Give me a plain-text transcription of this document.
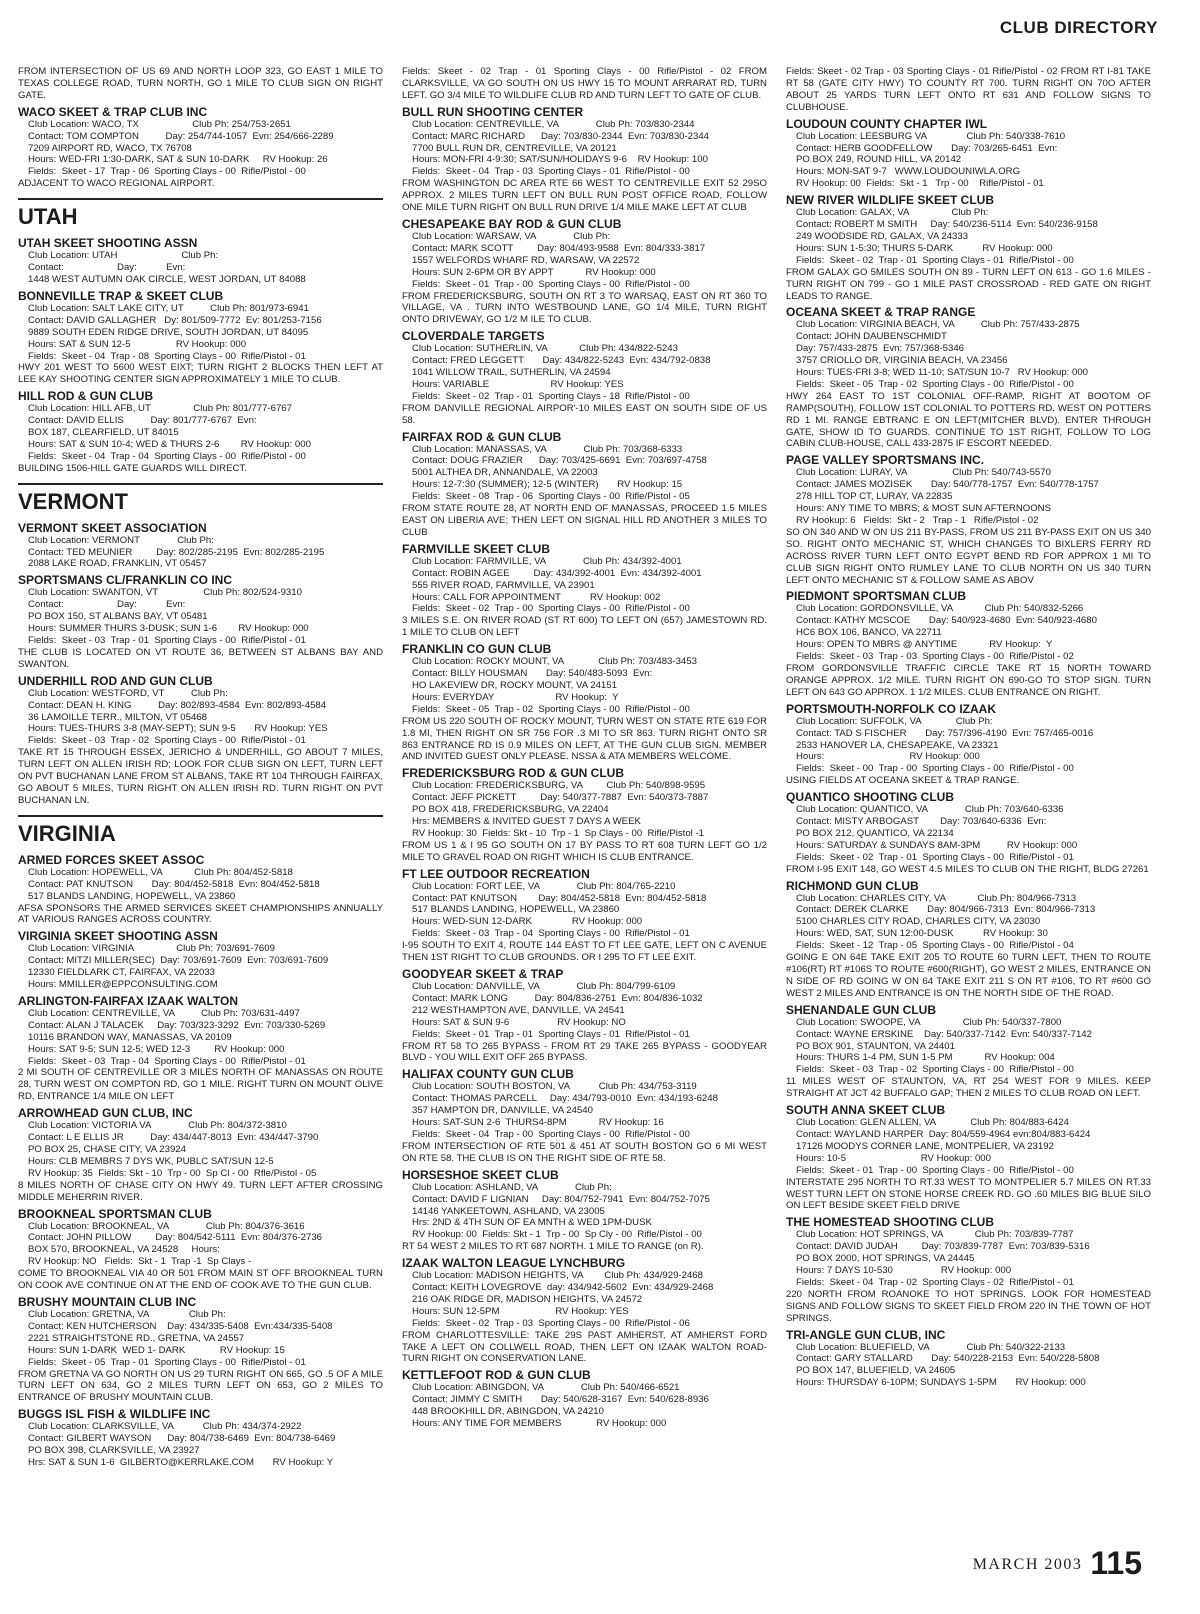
CLUB DIRECTORY
FROM INTERSECTION OF US 69 AND NORTH LOOP 323, GO EAST 1 MILE TO TEXAS COLLEGE ROAD, TURN NORTH, GO 1 MILE TO CLUB SIGN ON RIGHT GATE.
WACO SKEET & TRAP CLUB INC
Club Location: WACO, TX                    Club Ph: 254/753-2651
Contact: TOM COMPTON          Day: 254/744-1057  Evn: 254/666-2289
7209 AIRPORT RD, WACO, TX 76708
Hours: WED-FRI 1:30-DARK, SAT & SUN 10-DARK     RV Hookup: 26
Fields:  Skeet - 17  Trap - 06  Sporting Clays - 00  Rifle/Pistol - 00
ADJACENT TO WACO REGIONAL AIRPORT.
UTAH
UTAH SKEET SHOOTING ASSN
Club Location: UTAH                        Club Ph:
Contact:                    Day:           Evn:
1448 WEST AUTUMN OAK CIRCLE, WEST JORDAN, UT 84088
BONNEVILLE TRAP & SKEET CLUB
Club Location: SALT LAKE CITY, UT          Club Ph: 801/973-6941
Contact: DAVID GALLAGHER   Dy: 801/509-7772  Ev: 801/253-7156
9889 SOUTH EDEN RIDGE DRIVE, SOUTH JORDAN, UT 84095
Hours: SAT & SUN 12-5                 RV Hookup: 000
Fields:  Skeet - 04  Trap - 08  Sporting Clays - 00  Rifle/Pistol - 01
HWY 201 WEST TO 5600 WEST EIXT; TURN RIGHT 2 BLOCKS THEN LEFT AT LEE KAY SHOOTING CENTER SIGN APPROXIMATELY 1 MILE TO CLUB.
HILL ROD & GUN CLUB
Club Location: HILL AFB, UT                Club Ph: 801/777-6767
Contact: DAVID ELLIS          Day: 801/777-6767  Evn:
BOX 187, CLEARFIELD, UT 84015
Hours: SAT & SUN 10-4; WED & THURS 2-6        RV Hookup: 000
Fields:  Skeet - 04  Trap - 04  Sporting Clays - 00  Rifle/Pistol - 00
BUILDING 1506-HILL GATE GUARDS WILL DIRECT.
VERMONT
VERMONT SKEET ASSOCIATION
Club Location: VERMONT              Club Ph:
Contact: TED MEUNIER         Day: 802/285-2195  Evn: 802/285-2195
2088 LAKE ROAD, FRANKLIN, VT 05457
SPORTSMANS CL/FRANKLIN CO INC
Club Location: SWANTON, VT                 Club Ph: 802/524-9310
Contact:                    Day:           Evn:
PO BOX 150, ST ALBANS BAY, VT 05481
Hours: SUMMER THURS 3-DUSK; SUN 1-6        RV Hookup: 000
Fields:  Skeet - 03  Trap - 01  Sporting Clays - 00  Rifle/Pistol - 01
THE CLUB IS LOCATED ON VT ROUTE 36, BETWEEN ST ALBANS BAY AND SWANTON.
UNDERHILL ROD AND GUN CLUB
Club Location: WESTFORD, VT          Club Ph:
Contact: DEAN H. KING          Day: 802/893-4584  Evn: 802/893-4584
36 LAMOILLE TERR., MILTON, VT 05468
Hours: TUES-THURS 3-8 (MAY-SEPT); SUN 9-5       RV Hookup: YES
Fields:  Skeet - 03  Trap - 02  Sporting Clays - 00  Rifle/Pistol - 01
TAKE RT 15 THROUGH ESSEX, JERICHO & UNDERHILL, GO ABOUT 7 MILES, TURN LEFT ON ALLEN IRISH RD; LOOK FOR CLUB SIGN ON LEFT, TURN LEFT ON PVT BUCHANAN LANE FROM ST ALBANS, TAKE RT 104 THROUGH FAIRFAX, GO ABOUT 5 MILES, TURN RIGHT ON ALLEN IRISH RD. TURN RIGHT ON PVT BUCHANAN LN.
VIRGINIA
ARMED FORCES SKEET ASSOC
Club Location: HOPEWELL, VA            Club Ph: 804/452-5818
Contact: PAT KNUTSON       Day: 804/452-5818  Evn: 804/452-5818
517 BLANDS LANDING, HOPEWELL, VA 23860
AFSA SPONSORS THE ARMED SERVICES SKEET CHAMPIONSHIPS ANNUALLY AT VARIOUS RANGES ACROSS COUNTRY.
VIRGINIA SKEET SHOOTING ASSN
Club Location: VIRGINIA                Club Ph: 703/691-7609
Contact: MITZI MILLER(SEC)  Day: 703/691-7609  Evn: 703/691-7609
12330 FIELDLARK CT, FAIRFAX, VA 22033
Hours: MMILLER@EPPCONSULTING.COM
ARLINGTON-FAIRFAX IZAAK WALTON
Club Location: CENTREVILLE, VA          Club Ph: 703/631-4497
Contact: ALAN J TALACEK     Day: 703/323-3292  Evn: 703/330-5269
10116 BRANDON WAY, MANASSAS, VA 20109
Hours: SAT 9-5; SUN 12-5; WED 12-3         RV Hookup: 000
Fields:  Skeet - 03  Trap - 04  Sporting Clays - 00  Rifle/Pistol - 01
2 MI SOUTH OF CENTREVILLE OR 3 MILES NORTH OF MANASSAS ON ROUTE 28, TURN WEST ON COMPTON RD, GO 1 MILE. RIGHT TURN ON MOUNT OLIVE RD, ENTRANCE 1/4 MILE ON LEFT
ARROWHEAD GUN CLUB, INC
Club Location: VICTORIA VA              Club Ph: 804/372-3810
Contact: L E ELLIS JR          Day: 434/447-8013  Evn: 434/447-3790
PO BOX 25, CHASE CITY, VA 23924
Hours: CLB MEMBRS 7 DYS WK, PUBLC SAT/SUN 12-5
RV Hookup: 35  Fields: Skt - 10  Trp - 00  Sp Cl - 00  Rfle/Pistol - 05
8 MILES NORTH OF CHASE CITY ON HWY 49. TURN LEFT AFTER CROSSING MIDDLE MEHERRIN RIVER.
BROOKNEAL SPORTSMAN CLUB
Club Location: BROOKNEAL, VA              Club Ph: 804/376-3616
Contact: JOHN PILLOW         Day: 804/542-5111  Evn: 804/376-2736
BOX 570, BROOKNEAL, VA 24528     Hours:
RV Hookup: NO   Fields:  Skt - 1  Trap -1  Sp Clays -
COME TO BROOKNEAL VIA 40 OR 501 FROM MAIN ST OFF BROOKNEAL TURN ON COOK AVE CONTINUE ON AT THE END OF COOK AVE TO THE GUN CLUB.
BRUSHY MOUNTAIN CLUB INC
Club Location: GRETNA, VA               Club Ph:
Contact: KEN HUTCHERSON    Day: 434/335-5408  Evn:434/335-5408
2221 STRAIGHTSTONE RD., GRETNA, VA 24557
Hours: SUN 1-DARK  WED 1- DARK             RV Hookup: 15
Fields:  Skeet - 05  Trap - 01  Sporting Clays - 00  Rifle/Pistol - 01
FROM GRETNA VA GO NORTH ON US 29 TURN RIGHT ON 665, GO .5 OF A MILE TURN LEFT ON 634, GO 2 MILES TURN LEFT ON 653, GO 2 MILES TO ENTRANCE OF BRUSHY MOUNTAIN CLUB.
BUGGS ISL FISH & WILDLIFE INC
Club Location: CLARKSVILLE, VA           Club Ph: 434/374-2922
Contact: GILBERT WAYSON      Day: 804/738-6469  Evn: 804/738-6469
PO BOX 398, CLARKSVILLE, VA 23927
Hrs: SAT & SUN 1-6  GILBERTO@KERRLAKE.COM       RV Hookup: Y
Fields: Skeet - 02 Trap - 01 Sporting Clays - 00 Rifle/Pistol - 02 FROM CLARKSVILLE, VA GO SOUTH ON US HWY 15 TO MOUNT ARRARAT RD, TURN LEFT. GO 3/4 MILE TO WILDLIFE CLUB RD AND TURN LEFT TO GATE OF CLUB.
BULL RUN SHOOTING CENTER
Club Location: CENTREVILLE, VA              Club Ph: 703/830-2344
Contact: MARC RICHARD      Day: 703/830-2344  Evn: 703/830-2344
7700 BULL RUN DR, CENTREVILLE, VA 20121
Hours: MON-FRI 4-9:30; SAT/SUN/HOLIDAYS 9-6    RV Hookup: 100
Fields:  Skeet - 04  Trap - 03  Sporting Clays - 01  Rifle/Pistol - 00
FROM WASHINGTON DC AREA RTE 66 WEST TO CENTREVILLE EXIT 52 29SO APPROX. 2 MILES TURN LEFT ON BULL RUN POST OFFICE ROAD, FOLLOW ONE MILE TURN RIGHT ON BULL RUN DRIVE 1/4 MILE MAKE LEFT AT CLUB
CHESAPEAKE BAY ROD & GUN CLUB
Club Location: WARSAW, VA              Club Ph:
Contact: MARK SCOTT         Day: 804/493-9588  Evn: 804/333-3817
1557 WELFORDS WHARF RD, WARSAW, VA 22572
Hours: SUN 2-6PM OR BY APPT            RV Hookup: 000
Fields:  Skeet - 01  Trap - 00  Sporting Clays - 00  Rifle/Pistol - 00
FROM FREDERICKSBURG, SOUTH ON RT 3 TO WARSAQ, EAST ON RT 360 TO VILLAGE, VA . TURN INTO WESTBOUND LANE, GO 1/4 MILE, TURN RIGHT ONTO DRIVEWAY, GO 1/2 M ILE TO CLUB.
CLOVERDALE TARGETS
Club Location: SUTHERLIN, VA            Club Ph: 434/822-5243
Contact: FRED LEGGETT       Day: 434/822-5243  Evn: 434/792-0838
1041 WILLOW TRAIL, SUTHERLIN, VA 24594
Hours: VARIABLE                       RV Hookup: YES
Fields:  Skeet - 02  Trap - 01  Sporting Clays - 18  Rifle/Pistol - 00
FROM DANVILLE REGIONAL AIRPOR'-10 MILES EAST ON SOUTH SIDE OF US 58.
FAIRFAX ROD & GUN CLUB
Club Location: MANASSAS, VA              Club Ph: 703/368-6333
Contact: DOUG FRAZIER      Day: 703/425-6691  Evn: 703/697-4758
5001 ALTHEA DR, ANNANDALE, VA 22003
Hours: 12-7:30 (SUMMER); 12-5 (WINTER)       RV Hookup: 15
Fields:  Skeet - 08  Trap - 06  Sporting Clays - 00  Rifle/Pistol - 05
FROM STATE ROUTE 28, AT NORTH END OF MANASSAS, PROCEED 1.5 MILES EAST ON LIBERIA AVE; THEN LEFT ON SIGNAL HILL RD ANOTHER 3 MILES TO CLUB
FARMVILLE SKEET CLUB
Club Location: FARMVILLE, VA              Club Ph: 434/392-4001
Contact: ROBIN AGEE         Day: 434/392-4001  Evn: 434/392-4001
555 RIVER ROAD, FARMVILLE, VA 23901
Hours: CALL FOR APPOINTMENT           RV Hookup: 002
Fields:  Skeet - 02  Trap - 00  Sporting Clays - 00  Rifle/Pistol - 00
3 MILES S.E. ON RIVER ROAD (ST RT 600) TO LEFT ON (657) JAMESTOWN RD. 1 MILE TO CLUB ON LEFT
FRANKLIN CO GUN CLUB
Club Location: ROCKY MOUNT, VA             Club Ph: 703/483-3453
Contact: BILLY HOUSMAN       Day: 540/483-5093  Evn:
HO LAKEVIEW DR, ROCKY MOUNT, VA 24151
Hours: EVERYDAY                       RV Hookup:  Y
Fields:  Skeet - 05  Trap - 02  Sporting Clays - 00  Rifle/Pistol - 00
FROM US 220 SOUTH OF ROCKY MOUNT, TURN WEST ON STATE RTE 619 FOR 1.8 MI, THEN RIGHT ON SR 756 FOR .3 MI TO SR 863. TURN RIGHT ONTO SR 863 ENTRANCE RD IS 0.9 MILES ON LEFT, AT THE GUN CLUB SIGN. MEMBER AND INVITED GUEST ONLY PLEASE. NSSA & ATA MEMBERS WELCOME.
FREDERICKSBURG ROD & GUN CLUB
Club Location: FREDERICKSBURG, VA         Club Ph: 540/898-9595
Contact: JEFF PICKETT         Day: 540/377-7887  Evn: 540/373-7887
PO BOX 418, FREDERICKSBURG, VA 22404
Hrs: MEMBERS & INVITED GUEST 7 DAYS A WEEK
RV Hookup: 30  Fields: Skt - 10  Trp - 1  Sp Clays - 00  Rifle/Pistol -1
FROM US 1 & I 95 GO SOUTH ON 17 BY PASS TO RT 608 TURN LEFT GO 1/2 MILE TO GRAVEL ROAD ON RIGHT WHICH IS CLUB ENTRANCE.
FT LEE OUTDOOR RECREATION
Club Location: FORT LEE, VA              Club Ph: 804/765-2210
Contact: PAT KNUTSON        Day: 804/452-5818  Evn: 804/452-5818
517 BLANDS LANDING, HOPEWELL, VA 23860
Hours: WED-SUN 12-DARK               RV Hookup: 000
Fields:  Skeet - 03  Trap - 04  Sporting Clays - 00  Rifle/Pistol - 01
I-95 SOUTH TO EXIT 4, ROUTE 144 EAST TO FT LEE GATE, LEFT ON C AVENUE THEN 1ST RIGHT TO CLUB GROUNDS. OR I 295 TO FT LEE EXIT.
GOODYEAR SKEET & TRAP
Club Location: DANVILLE, VA              Club Ph: 804/799-6109
Contact: MARK LONG          Day: 804/836-2751  Evn: 804/836-1032
212 WESTHAMPTON AVE, DANVILLE, VA 24541
Hours: SAT & SUN 9-6                  RV Hookup: NO
Fields:  Skeet - 01  Trap - 01  Sporting Clays - 01  Rifle/Pistol - 01
FROM RT 58 TO 265 BYPASS - FROM RT 29 TAKE 265 BYPASS - GOODYEAR BLVD - YOU WILL EXIT OFF 265 BYPASS.
HALIFAX COUNTY GUN CLUB
Club Location: SOUTH BOSTON, VA           Club Ph: 434/753-3119
Contact: THOMAS PARCELL     Day: 434/793-0010  Evn: 434/193-6248
357 HAMPTON DR, DANVILLE, VA 24540
Hours: SAT-SUN 2-6  THURS4-8PM            RV Hookup: 16
Fields:  Skeet - 04  Trap - 00  Sporting Clays - 00  Rifle/Pistol - 00
FROM INTERSECTION OF RTE 501 & 451 AT SOUTH BOSTON GO 6 MI WEST ON RTE 58. THE CLUB IS ON THE RIGHT SIDE OF RTE 58.
HORSESHOE SKEET CLUB
Club Location: ASHLAND, VA              Club Ph:
Contact: DAVID F LIGNIAN     Day: 804/752-7941  Evn: 804/752-7075
14146 YANKEETOWN, ASHLAND, VA 23005
Hrs: 2ND & 4TH SUN OF EA MNTH & WED 1PM-DUSK
RV Hookup: 00  Fields: Skt - 1  Trp - 00  Sp Cly - 00  Rifle/Pistol - 00
RT 54 WEST 2 MILES TO RT 687 NORTH. 1 MILE TO RANGE (on R).
IZAAK WALTON LEAGUE LYNCHBURG
Club Location: MADISON HEIGHTS, VA        Club Ph: 434/929-2468
Contact: KEITH LOVEGROVE  day: 434/942-5602  Evn: 434/929-2468
216 OAK RIDGE DR, MADISON HEIGHTS, VA 24572
Hours: SUN 12-5PM                     RV Hookup: YES
Fields:  Skeet - 02  Trap - 03  Sporting Clays - 00  Rifle/Pistol - 06
FROM CHARLOTTESVILLE: TAKE 29S PAST AMHERST, AT AMHERST FORD TAKE A LEFT ON COLLWELL ROAD, THEN LEFT ON IZAAK WALTON ROAD-TURN RIGHT ON CONSERVATION LANE.
KETTLEFOOT ROD & GUN CLUB
Club Location: ABINGDON, VA              Club Ph: 540/466-6521
Contact: JIMMY C SMITH       Day: 540/628-3167  Evn: 540/628-8936
448 BROOKHILL DR, ABINGDON, VA 24210
Hours: ANY TIME FOR MEMBERS             RV Hookup: 000
Fields: Skeet - 02 Trap - 03 Sporting Clays - 01 Rifle/Pistol - 02 FROM RT I-81 TAKE RT 58 (GATE CITY HWY) TO COUNTY RT 700. TURN RIGHT ON 70O AFTER ABOUT 25 YARDS TURN LEFT ONTO RT 631 AND FOLLOW SIGNS TO CLUBHOUSE.
LOUDOUN COUNTY CHAPTER IWL
Club Location: LEESBURG VA               Club Ph: 540/338-7610
Contact: HERB GOODFELLOW       Day: 703/265-6451  Evn:
PO BOX 249, ROUND HILL, VA 20142
Hours: MON-SAT 9-7   WWW.LOUDOUNIWLA.ORG
RV Hookup: 00  Fields:  Skt - 1   Trp - 00    Rifle/Pistol - 01
NEW RIVER WILDLIFE SKEET CLUB
Club Location: GALAX, VA                Club Ph:
Contact: ROBERT M SMITH     Day: 540/236-5114  Evn: 540/236-9158
249 WOODSIDE RD, GALAX, VA 24333
Hours: SUN 1-5:30; THURS 5-DARK           RV Hookup: 000
Fields:  Skeet - 02  Trap - 01  Sporting Clays - 01  Rifle/Pistol - 00
FROM GALAX GO 5MILES SOUTH ON 89 - TURN LEFT ON 613 - GO 1.6 MILES - TURN RIGHT ON 799 - GO 1 MILE PAST CROSSROAD - RED GATE ON RIGHT LEADS TO RANGE.
OCEANA SKEET & TRAP RANGE
Club Location: VIRGINIA BEACH, VA          Club Ph: 757/433-2875
Contact: JOHN DAUBENSCHMIDT
Day: 757/433-2875  Evn: 757/368-5346
3757 CRIOLLO DR, VIRGINIA BEACH, VA 23456
Hours: TUES-FRI 3-8; WED 11-10; SAT/SUN 10-7   RV Hookup: 000
Fields:  Skeet - 05  Trap - 02  Sporting Clays - 00  Rifle/Pistol - 00
HWY 264 EAST TO 1ST COLONIAL OFF-RAMP, RIGHT AT BOOTOM OF RAMP(SOUTH), FOLLOW 1ST COLONIAL TO POTTERS RD. WEST ON POTTERS RD 1 MI. RANGE EBTRANC E ON LEFT(MITCHER BLVD). ENTER THROUGH GATE, SHOW ID TO GUARDS. CONTINUE TO 1ST RIGHT, FOLLOW TO LOG CABIN CLUB-HOUSE, CALL 433-2875 IF ESCORT NEEDED.
PAGE VALLEY SPORTSMANS INC.
Club Location: LURAY, VA                 Club Ph: 540/743-5570
Contact: JAMES MOZISEK       Day: 540/778-1757  Evn: 540/778-1757
278 HILL TOP CT, LURAY, VA 22835
Hours: ANY TIME TO MBRS; & MOST SUN AFTERNOONS
RV Hookup: 6   Fields:  Skt - 2   Trap - 1   Rifle/Pistol - 02
SO ON 340 AND W ON US 211 BY-PASS, FROM US 211 BY-PASS EXIT ON US 340 SO. RIGHT ONTO MECHANIC ST, WHICH CHANGES TO BIXLERS FERRY RD ACROSS RIVER TURN LEFT ONTO EGYPT BEND RD FOR APPROX 1 MI TO CLUB SIGN RIGHT ONTO RUMLEY LANE TO CLUB NORTH ON US 340 TURN LEFT ONTO MECHANIC ST & FOLLOW SAME AS ABOV
PIEDMONT SPORTSMAN CLUB
Club Location: GORDONSVILLE, VA            Club Ph: 540/832-5266
Contact: KATHY MCSCOE       Day: 540/923-4680  Evn: 540/923-4680
HC6 BOX 106, BANCO, VA 22711
Hours: OPEN TO MBRS @ ANYTIME            RV Hookup:  Y
Fields:  Skeet - 03  Trap - 03  Sporting Clays - 00  Rifle/Pistol - 02
FROM GORDONSVILLE TRAFFIC CIRCLE TAKE RT 15 NORTH TOWARD ORANGE APPROX. 1/2 MILE. TURN RIGHT ON 690-GO TO STOP SIGN. TURN LEFT ON 643 GO APPROX. 1 1/2 MILES. CLUB ENTRANCE ON RIGHT.
PORTSMOUTH-NORFOLK CO IZAAK
Club Location: SUFFOLK, VA             Club Ph:
Contact: TAD S FISCHER       Day: 757/396-4190  Evn: 757/465-0016
2533 HANOVER LA, CHESAPEAKE, VA 23321
Hours:                                RV Hookup: 000
Fields:  Skeet - 00  Trap - 00  Sporting Clays - 00  Rifle/Pistol - 00
USING FIELDS AT OCEANA SKEET & TRAP RANGE.
QUANTICO SHOOTING CLUB
Club Location: QUANTICO, VA              Club Ph: 703/640-6336
Contact: MISTY ARBOGAST        Day: 703/640-6336  Evn:
PO BOX 212, QUANTICO, VA 22134
Hours: SATURDAY & SUNDAYS 8AM-3PM          RV Hookup: 000
Fields:  Skeet - 02  Trap - 01  Sporting Clays - 00  Rifle/Pistol - 01
FROM I-95 EXIT 148, GO WEST 4.5 MILES TO CLUB ON THE RIGHT, BLDG 27261
RICHMOND GUN CLUB
Club Location: CHARLES CITY, VA            Club Ph: 804/966-7313
Contact: DEREK CLARKE       Day: 804/966-7313  Evn: 804/966-7313
5100 CHARLES CITY ROAD, CHARLES CITY, VA 23030
Hours: WED, SAT, SUN 12:00-DUSK           RV Hookup: 30
Fields:  Skeet - 12  Trap - 05  Sporting Clays - 00  Rifle/Pistol - 04
GOING E ON 64E TAKE EXIT 205 TO ROUTE 60 TURN LEFT, THEN TO ROUTE #106(RT) RT #106S TO ROUTE #600(RIGHT), GO WEST 2 MILES, ENTRANCE ON N SIDE OF RD GOING W ON 64 TAKE EXIT 211 S ON RT #106, TO RT #600 GO WEST 2 MILES AND ENTRANCE IS ON THE NORTH SIDE OF THE ROAD.
SHENANDALE GUN CLUB
Club Location: SWOOPE, VA                Club Ph: 540/337-7800
Contact: WAYNE ERSKINE    Day: 540/337-7142  Evn: 540/337-7142
PO BOX 901, STAUNTON, VA 24401
Hours: THURS 1-4 PM, SUN 1-5 PM            RV Hookup: 004
Fields:  Skeet - 03  Trap - 02  Sporting Clays - 00  Rifle/Pistol - 00
11 MILES WEST OF STAUNTON, VA, RT 254 WEST FOR 9 MILES. KEEP STRAIGHT AT JCT 42 BUFFALO GAP; THEN 2 MILES TO CLUB ROAD ON LEFT.
SOUTH ANNA SKEET CLUB
Club Location: GLEN ALLEN, VA             Club Ph: 804/883-6424
Contact: WAYLAND HARPER  Day: 804/559-4964 evn:804/883-6424
17126 MOODYS CORNER LANE, MONTPELIER, VA 23192
Hours: 10-5                            RV Hookup: 000
Fields:  Skeet - 01  Trap - 00  Sporting Clays - 00  Rifle/Pistol - 00
INTERSTATE 295 NORTH TO RT.33 WEST TO MONTPELIER 5.7 MILES ON RT.33 WEST TURN LEFT ON STONE HORSE CREEK RD. GO .60 MILES BIG BLUE SILO ON LEFT BESIDE SKEET FIELD DRIVE
THE HOMESTEAD SHOOTING CLUB
Club Location: HOT SPRINGS, VA            Club Ph: 703/839-7787
Contact: DAVID JUDAH         Day: 703/839-7787  Evn: 703/839-5316
PO BOX 2000, HOT SPRINGS, VA 24445
Hours: 7 DAYS 10-530                  RV Hookup: 000
Fields:  Skeet - 04  Trap - 02  Sporting Clays - 02  Rifle/Pistol - 01
220 NORTH FROM ROANOKE TO HOT SPRINGS. LOOK FOR HOMESTEAD SIGNS AND FOLLOW SIGNS TO SKEET FIELD FROM 220 IN THE TOWN OF HOT SPRINGS.
TRI-ANGLE GUN CLUB, INC
Club Location: BLUEFIELD, VA              Club Ph: 540/322-2133
Contact: GARY STALLARD       Day: 540/228-2153  Evn: 540/228-5808
PO BOX 147, BLUEFIELD, VA 24605
Hours: THURSDAY 6-10PM; SUNDAYS 1-5PM       RV Hookup: 000
MARCH 2003 115
